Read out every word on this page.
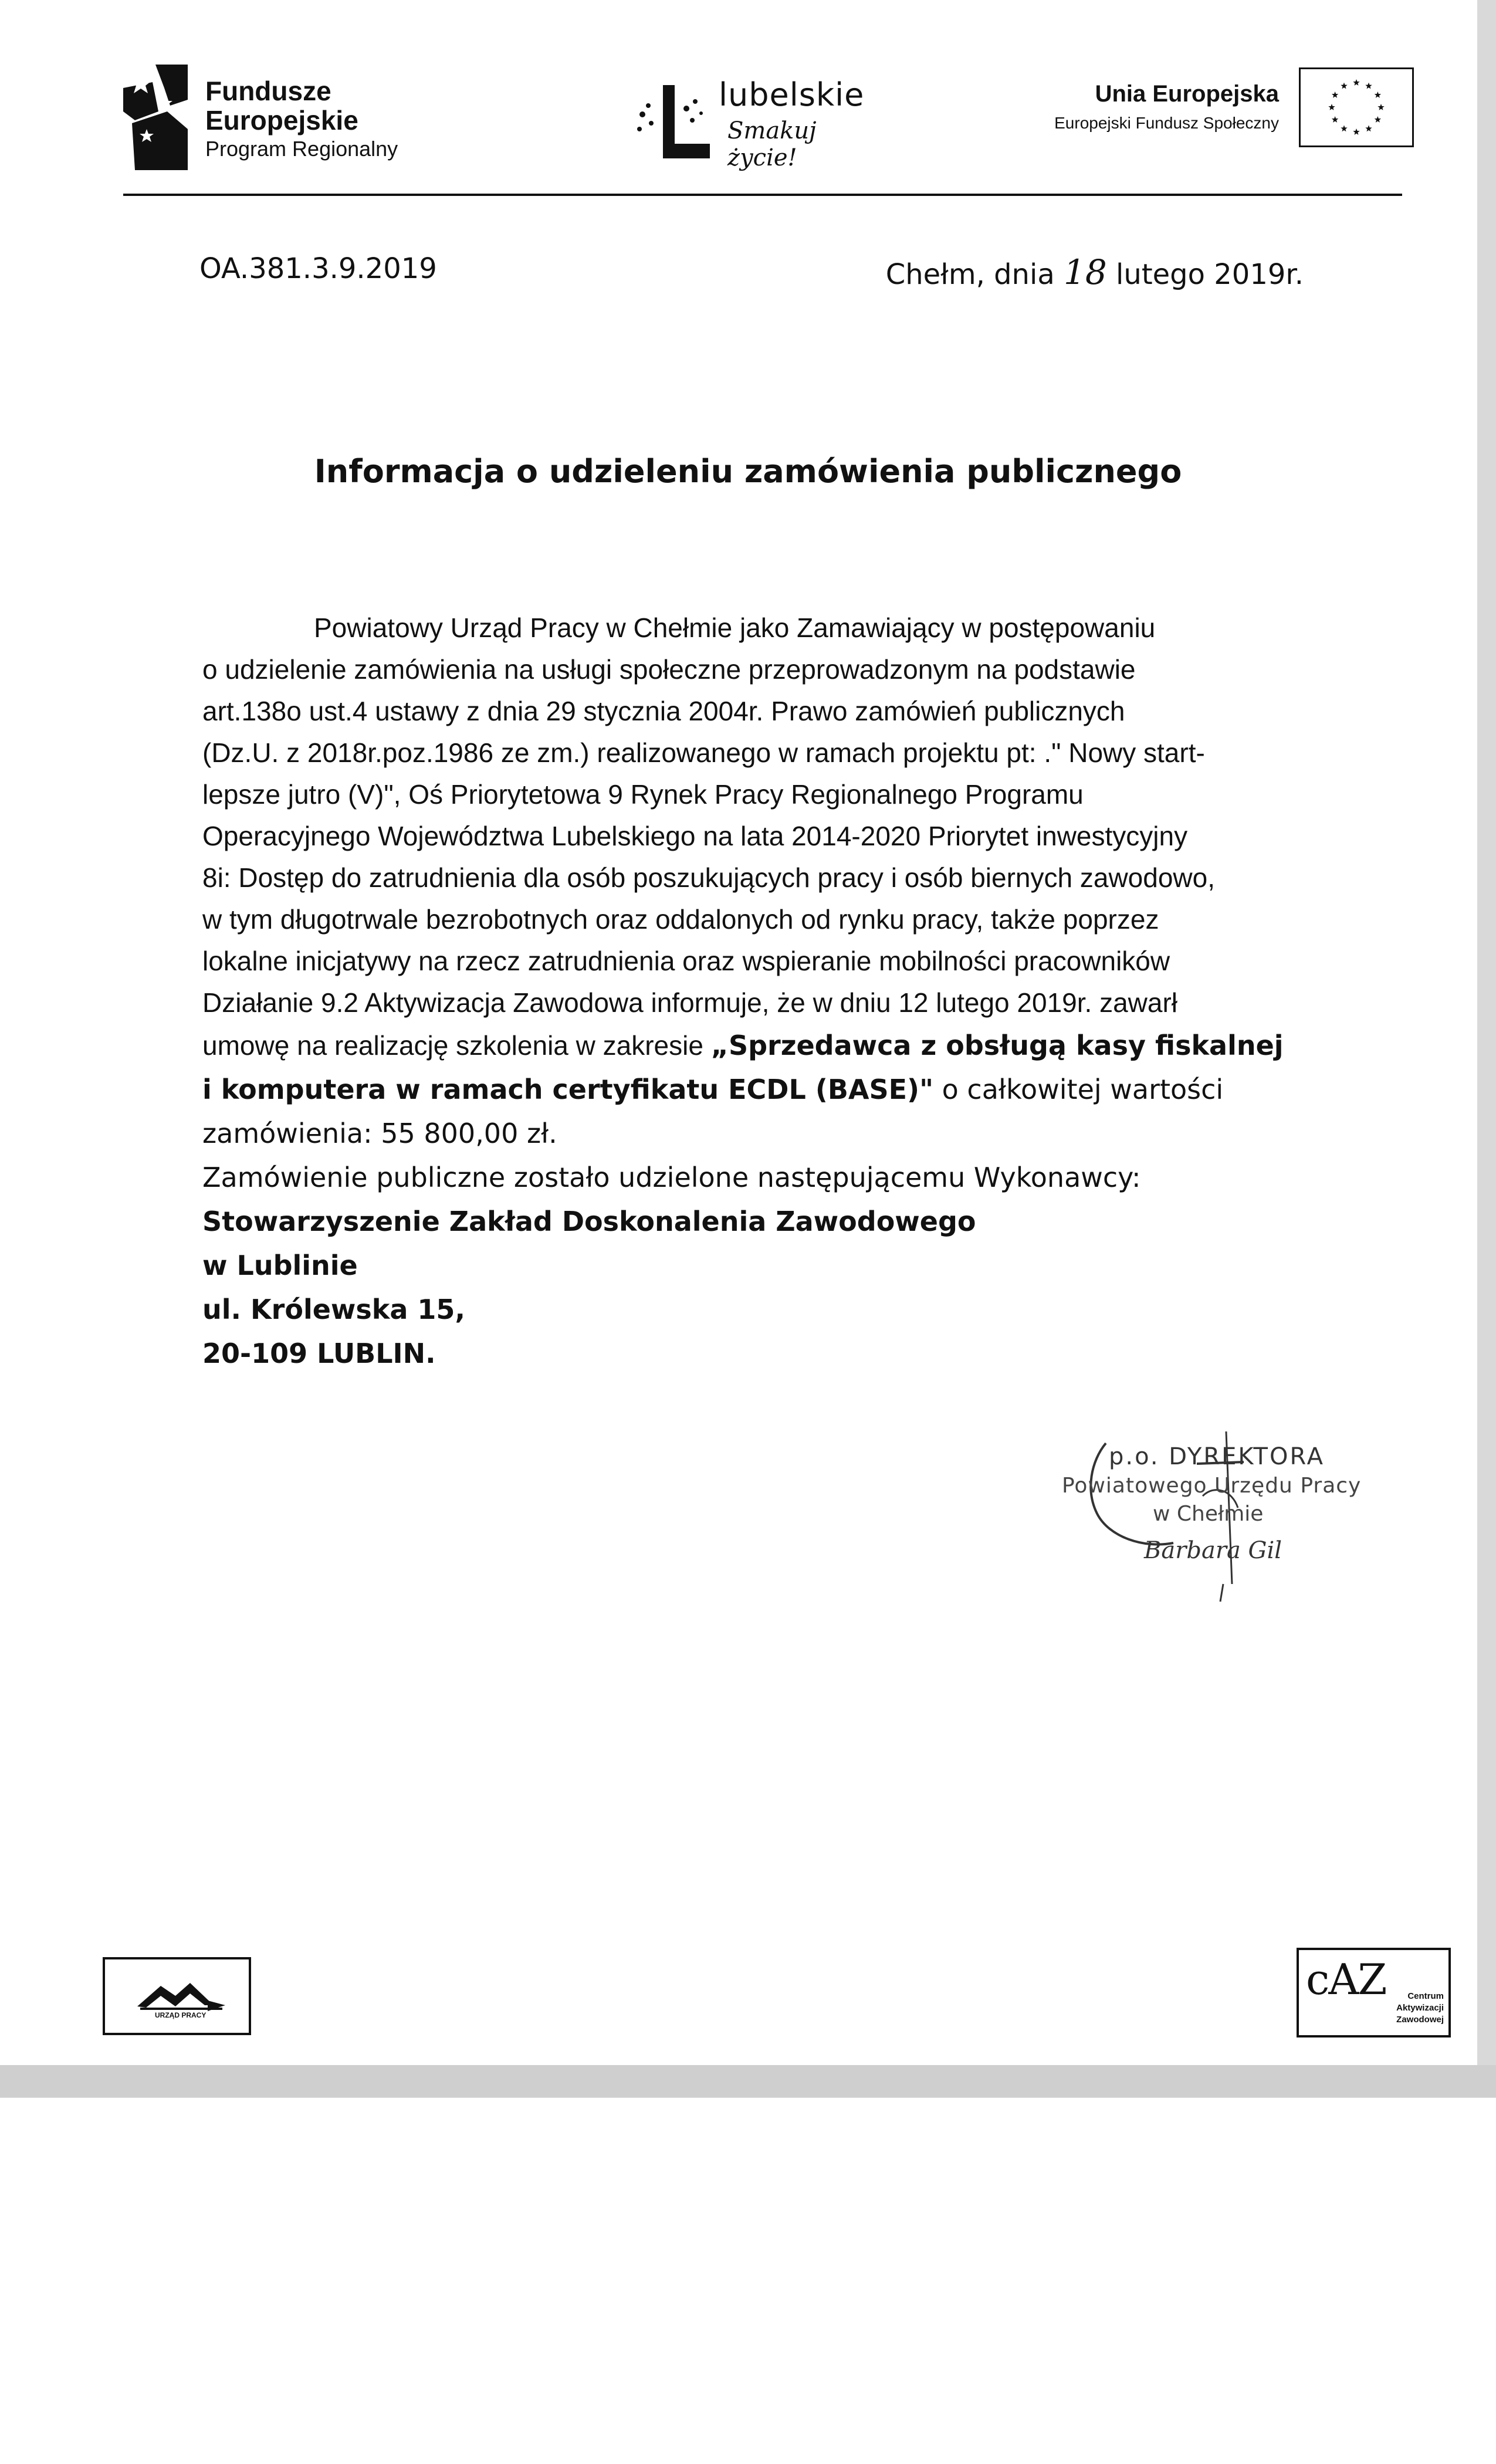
Fundusze
Europejskie
Program Regionalny
lubelskie
Smakuj życie!
Unia Europejska
Europejski Fundusz Społeczny
OA.381.3.9.2019	Chełm, dnia 18 lutego 2019r.
Informacja o udzieleniu zamówienia publicznego

Powiatowy Urząd Pracy w Chełmie jako Zamawiający w postępowaniu

o udzielenie zamówienia na usługi społeczne przeprowadzonym na podstawie

art.138o ust.4 ustawy z dnia 29 stycznia 2004r. Prawo zamówień publicznych

(Dz.U. z 2018r.poz.1986 ze zm.) realizowanego w ramach projektu pt: ." Nowy start-

lepsze jutro (V)", Oś Priorytetowa 9 Rynek Pracy Regionalnego Programu

Operacyjnego Województwa Lubelskiego na lata 2014-2020 Priorytet inwestycyjny

8i: Dostęp do zatrudnienia dla osób poszukujących pracy i osób biernych zawodowo,

w tym długotrwale bezrobotnych oraz oddalonych od rynku pracy, także poprzez

lokalne inicjatywy na rzecz zatrudnienia oraz wspieranie mobilności pracowników

Działanie 9.2 Aktywizacja Zawodowa informuje, że w dniu 12 lutego 2019r. zawarł

umowę na realizację szkolenia w zakresie „Sprzedawca z obsługą kasy fiskalnej

i komputera w ramach certyfikatu ECDL (BASE)" o całkowitej wartości

zamówienia: 55 800,00 zł.

Zamówienie publiczne zostało udzielone następującemu Wykonawcy:

Stowarzyszenie Zakład Doskonalenia Zawodowego

w Lublinie

ul. Królewska 15,

20-109 LUBLIN.

p.o. DYREKTORA
Powiatowego Urzędu Pracy
w Chełmie
Barbara Gil
URZĄD PRACY
cAZ Centrum
Aktywizacji
Zawodowej
